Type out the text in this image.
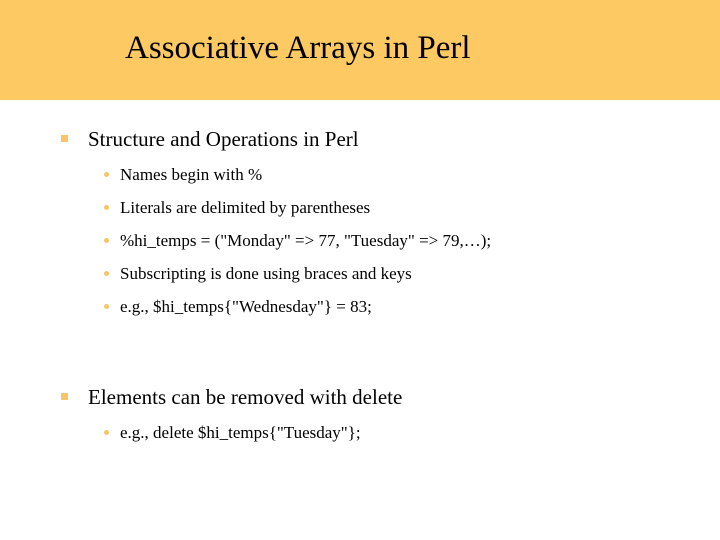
Associative Arrays in Perl
Structure and Operations in Perl
Names begin with %
Literals are delimited by parentheses
%hi_temps = ("Monday" => 77, "Tuesday" => 79,…);
Subscripting is done using braces and keys
e.g., $hi_temps{"Wednesday"} = 83;
Elements can be removed with delete
e.g., delete $hi_temps{"Tuesday"};
